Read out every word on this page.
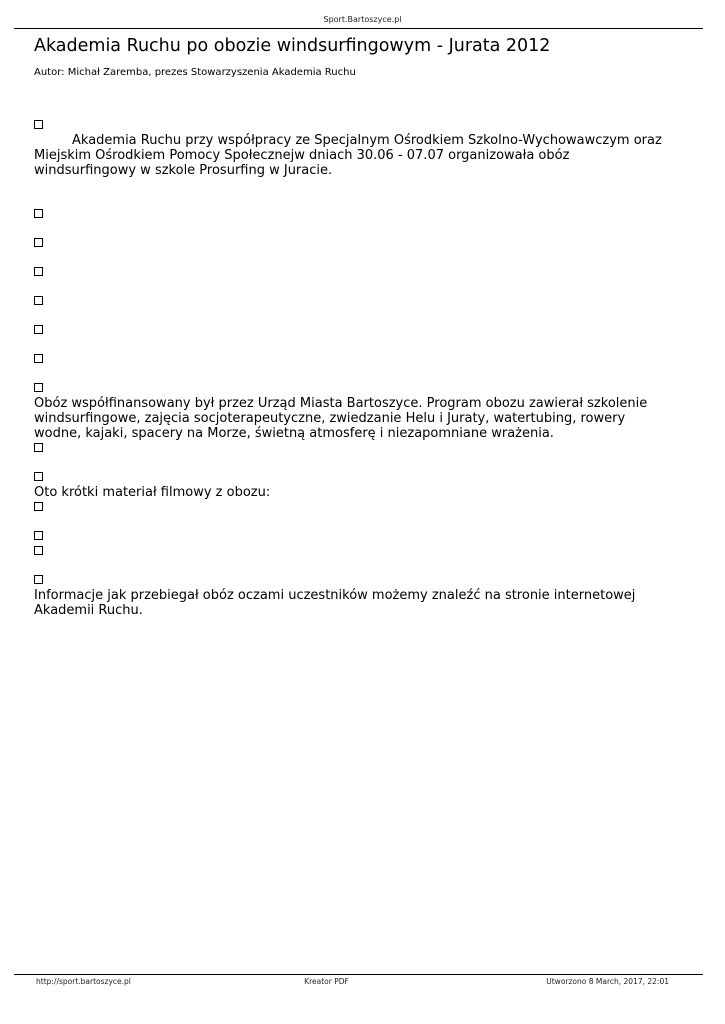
Sport.Bartoszyce.pl
Akademia Ruchu po obozie windsurfingowym - Jurata 2012
Autor: Michał Zaremba, prezes Stowarzyszenia Akademia Ruchu

Akademia Ruchu przy współpracy ze Specjalnym Ośrodkiem Szkolno-Wychowawczym oraz Miejskim Ośrodkiem Pomocy Społecznejw dniach 30.06 - 07.07 organizowała obóz windsurfingowy w szkole Prosurfing w Juracie.

Obóz współfinansowany był przez Urząd Miasta Bartoszyce. Program obozu zawierał szkolenie windsurfingowe, zajęcia socjoterapeutyczne, zwiedzanie Helu i Juraty, watertubing, rowery wodne, kajaki, spacery na Morze, świetną atmosferę i niezapomniane wrażenia.

Oto krótki materiał filmowy z obozu:

Informacje jak przebiegał obóz oczami uczestników możemy znaleźć na stronie internetowej Akademii Ruchu.

http://sport.bartoszyce.pl	Kreator PDF	Utworzono 8 March, 2017, 22:01
